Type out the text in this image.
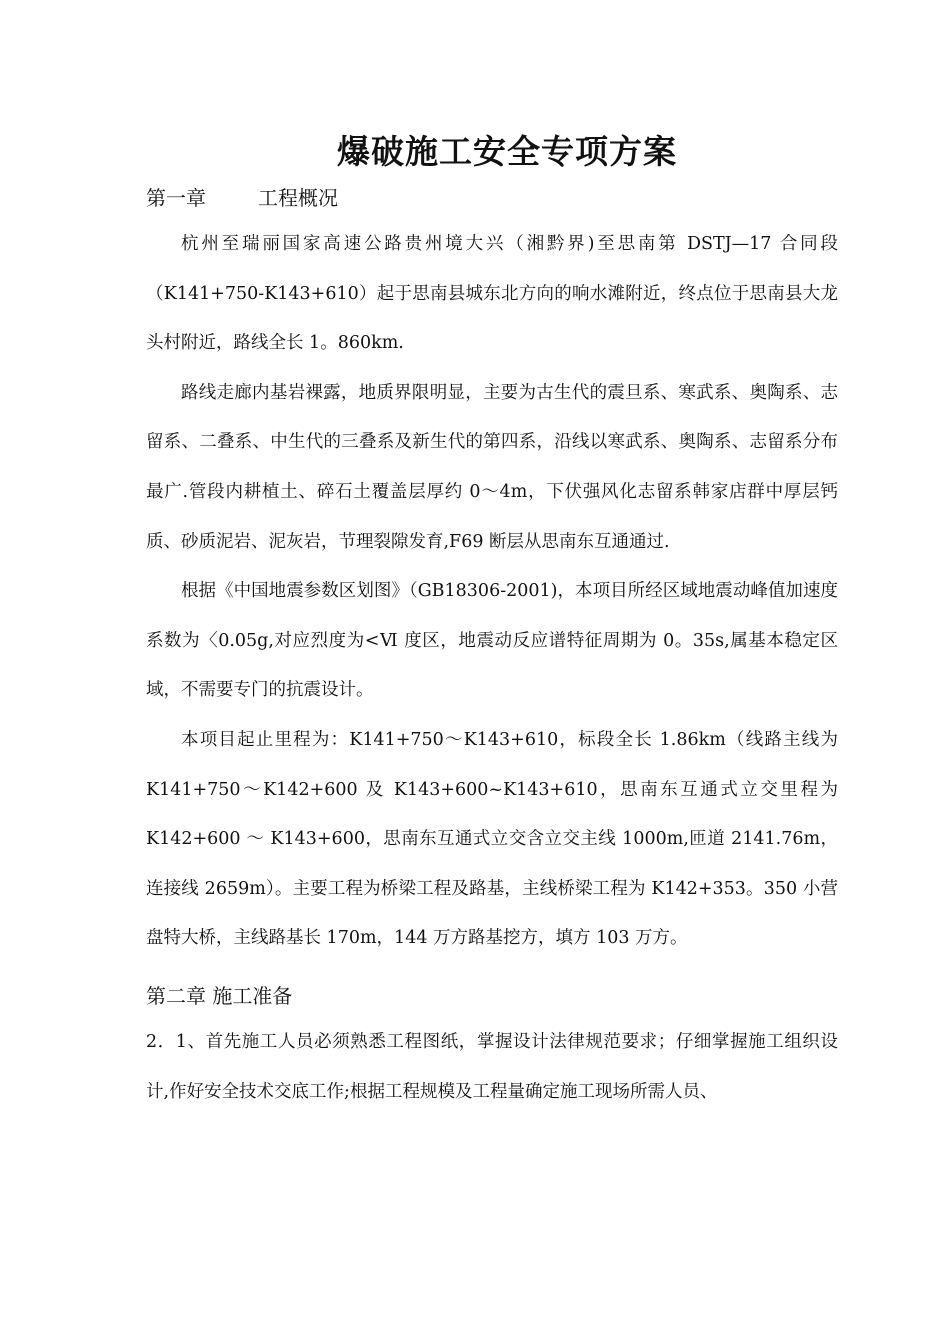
爆破施工安全专项方案
第一章	工程概况

杭州至瑞丽国家高速公路贵州境大兴（湘黔界)至思南第 DSTJ—17 合同段（K141+750-K143+610）起于思南县城东北方向的响水滩附近，终点位于思南县大龙头村附近，路线全长 1。860km.

路线走廊内基岩裸露，地质界限明显，主要为古生代的震旦系、寒武系、奥陶系、志留系、二叠系、中生代的三叠系及新生代的第四系，沿线以寒武系、奥陶系、志留系分布最广.管段内耕植土、碎石土覆盖层厚约 0～4m，下伏强风化志留系韩家店群中厚层钙质、砂质泥岩、泥灰岩，节理裂隙发育,F69 断层从思南东互通通过.

根据《中国地震参数区划图》（GB18306-2001)，本项目所经区域地震动峰值加速度系数为〈0.05g,对应烈度为<Ⅵ 度区，地震动反应谱特征周期为 0。35s,属基本稳定区域，不需要专门的抗震设计。

本项目起止里程为：K141+750～K143+610，标段全长 1.86km（线路主线为 K141+750～K142+600 及 K143+600~K143+610，思南东互通式立交里程为 K142+600 ～ K143+600，思南东互通式立交含立交主线 1000m,匝道 2141.76m，连接线 2659m）。主要工程为桥梁工程及路基，主线桥梁工程为 K142+353。350 小营盘特大桥，主线路基长 170m，144 万方路基挖方，填方 103 万方。

第二章 施工准备

2．1、首先施工人员必须熟悉工程图纸，掌握设计法律规范要求；仔细掌握施工组织设计,作好安全技术交底工作;根据工程规模及工程量确定施工现场所需人员、
